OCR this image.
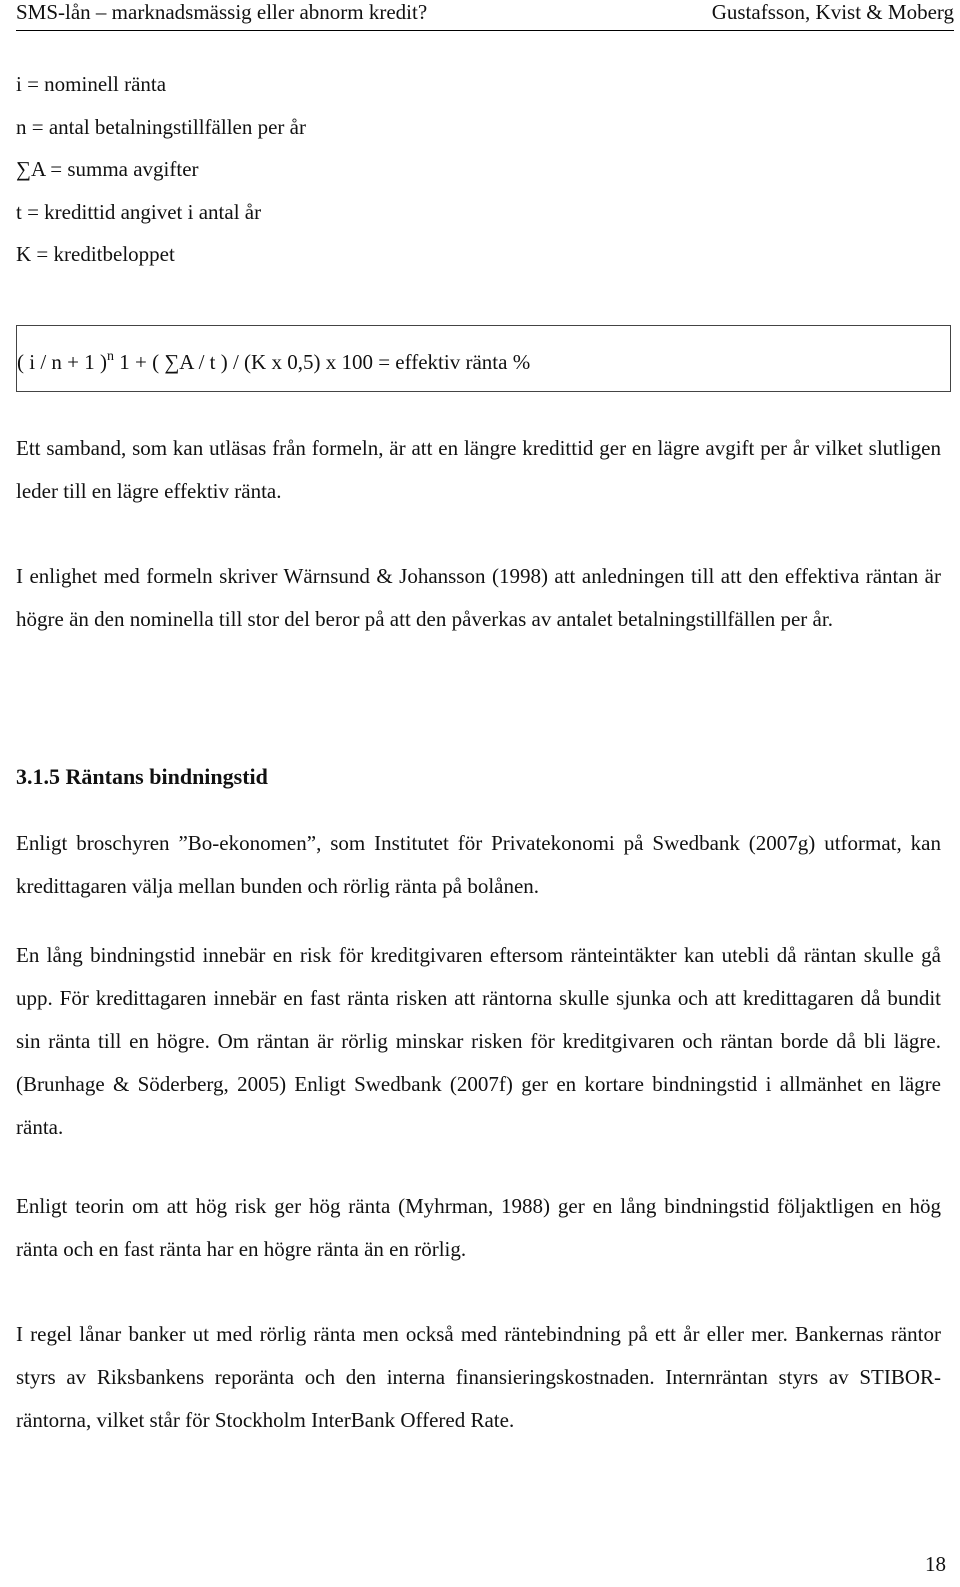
SMS-lån – marknadsmässig eller abnorm kredit?	Gustafsson, Kvist & Moberg
i = nominell ränta
n = antal betalningstillfällen per år
∑A = summa avgifter
t = kredittid angivet i antal år
K = kreditbeloppet
( i / n + 1 )$^n$ 1 + ( ∑A / t ) / (K x 0,5) x 100 = effektiv ränta %
Ett samband, som kan utläsas från formeln, är att en längre kredittid ger en lägre avgift per år vilket slutligen leder till en lägre effektiv ränta.
I enlighet med formeln skriver Wärnsund & Johansson (1998) att anledningen till att den effektiva räntan är högre än den nominella till stor del beror på att den påverkas av antalet betalningstillfällen per år.
3.1.5 Räntans bindningstid
Enligt broschyren ”Bo-ekonomen”, som Institutet för Privatekonomi på Swedbank (2007g) utformat, kan kredittagaren välja mellan bunden och rörlig ränta på bolånen.
En lång bindningstid innebär en risk för kreditgivaren eftersom ränteintäkter kan utebli då räntan skulle gå upp. För kredittagaren innebär en fast ränta risken att räntorna skulle sjunka och att kredittagaren då bundit sin ränta till en högre. Om räntan är rörlig minskar risken för kreditgivaren och räntan borde då bli lägre. (Brunhage & Söderberg, 2005) Enligt Swedbank (2007f) ger en kortare bindningstid i allmänhet en lägre ränta.
Enligt teorin om att hög risk ger hög ränta (Myhrman, 1988) ger en lång bindningstid följaktligen en hög ränta och en fast ränta har en högre ränta än en rörlig.
I regel lånar banker ut med rörlig ränta men också med räntebindning på ett år eller mer. Bankernas räntor styrs av Riksbankens reporänta och den interna finansieringskostnaden. Internräntan styrs av STIBOR-räntorna, vilket står för Stockholm InterBank Offered Rate.
18
